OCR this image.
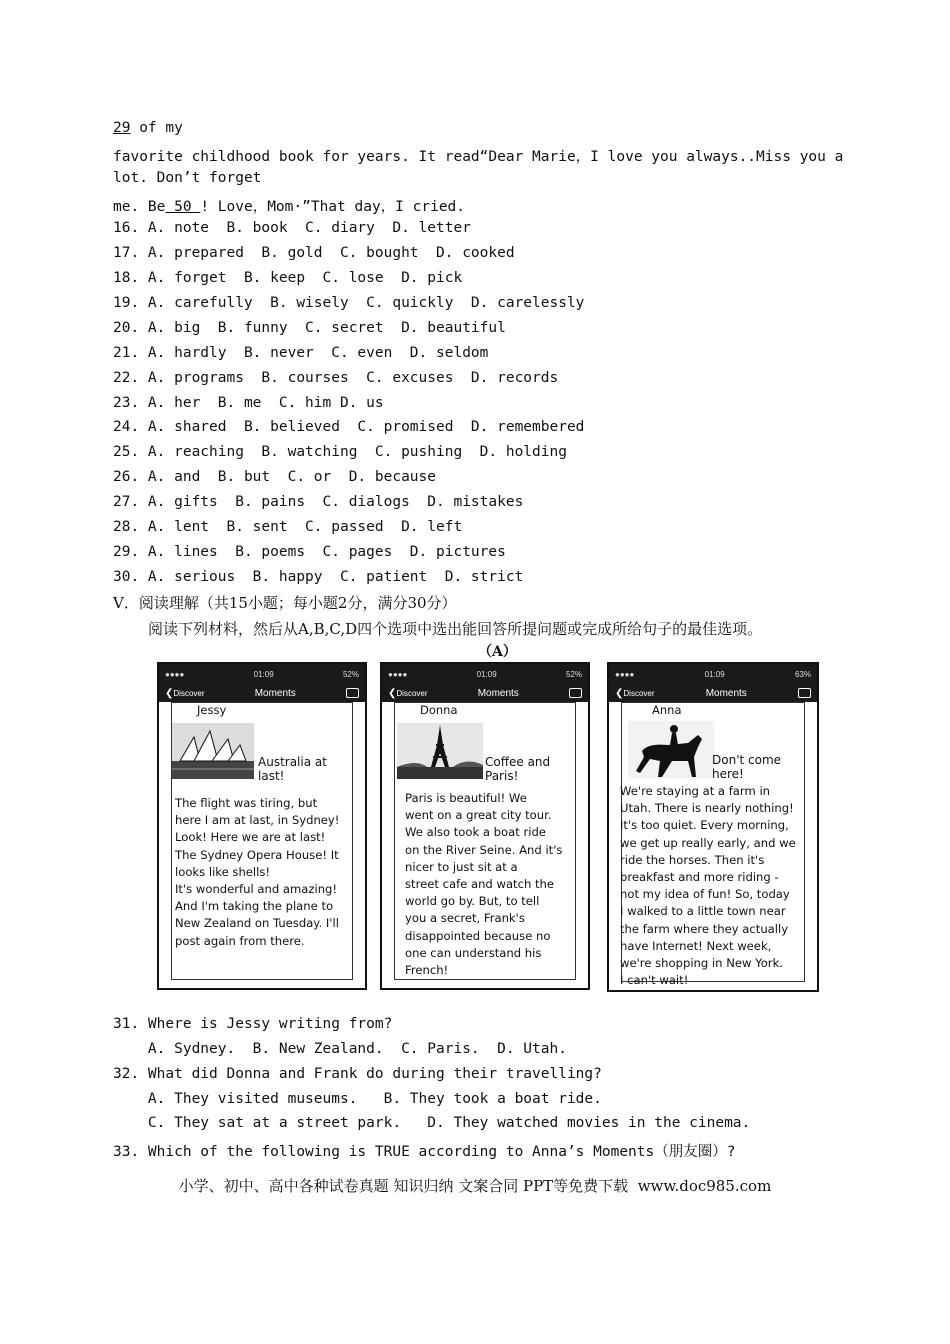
29 of my
favorite childhood book for years. It read“Dear Marie，I love you always..Miss you a
lot. Don’t forget
me. Be 50 ! Love，Mom·”That day，I cried.
16. A. note  B. book  C. diary  D. letter
17. A. prepared  B. gold  C. bought  D. cooked
18. A. forget  B. keep  C. lose  D. pick
19. A. carefully  B. wisely  C. quickly  D. carelessly
20. A. big  B. funny  C. secret  D. beautiful
21. A. hardly  B. never  C. even  D. seldom
22. A. programs  B. courses  C. excuses  D. records
23. A. her  B. me  C. him D. us
24. A. shared  B. believed  C. promised  D. remembered
25. A. reaching  B. watching  C. pushing  D. holding
26. A. and  B. but  C. or  D. because
27. A. gifts  B. pains  C. dialogs  D. mistakes
28. A. lent  B. sent  C. passed  D. left
29. A. lines  B. poems  C. pages  D. pictures
30. A. serious  B. happy  C. patient  D. strict
V．阅读理解（共15小题；每小题2分，满分30分）
阅读下列材料，然后从A,B,C,D四个选项中选出能回答所提问题或完成所给句子的最佳选项。
（A）
●●●●	01:09	52%
❮Discover	Moments
Jessy
Australia at last!
The flight was tiring, but
here I am at last, in Sydney!
Look! Here we are at last!
The Sydney Opera House! It
looks like shells!
It's wonderful and amazing!
And I'm taking the plane to
New Zealand on Tuesday. I'll
post again from there.
●●●●	01:09	52%
❮Discover	Moments
Donna
Coffee and Paris!
Paris is beautiful! We
went on a great city tour.
We also took a boat ride
on the River Seine. And it's
nicer to just sit at a
street cafe and watch the
world go by. But, to tell
you a secret, Frank's
disappointed because no
one can understand his
French!
●●●●	01:09	63%
❮Discover	Moments
Anna
Don't come here!
We're staying at a farm in
Utah. There is nearly nothing!
It's too quiet. Every morning,
we get up really early, and we
ride the horses. Then it's
breakfast and more riding -
not my idea of fun! So, today
I walked to a little town near
the farm where they actually
have Internet! Next week,
we're shopping in New York.
I can't wait!
31. Where is Jessy writing from?
A. Sydney.  B. New Zealand.  C. Paris.  D. Utah.
32. What did Donna and Frank do during their travelling?
A. They visited museums.   B. They took a boat ride.
C. They sat at a street park.   D. They watched movies in the cinema.
33. Which of the following is TRUE according to Anna’s Moments（朋友圈）?
小学、初中、高中各种试卷真题 知识归纳 文案合同 PPT等免费下载  www.doc985.com
